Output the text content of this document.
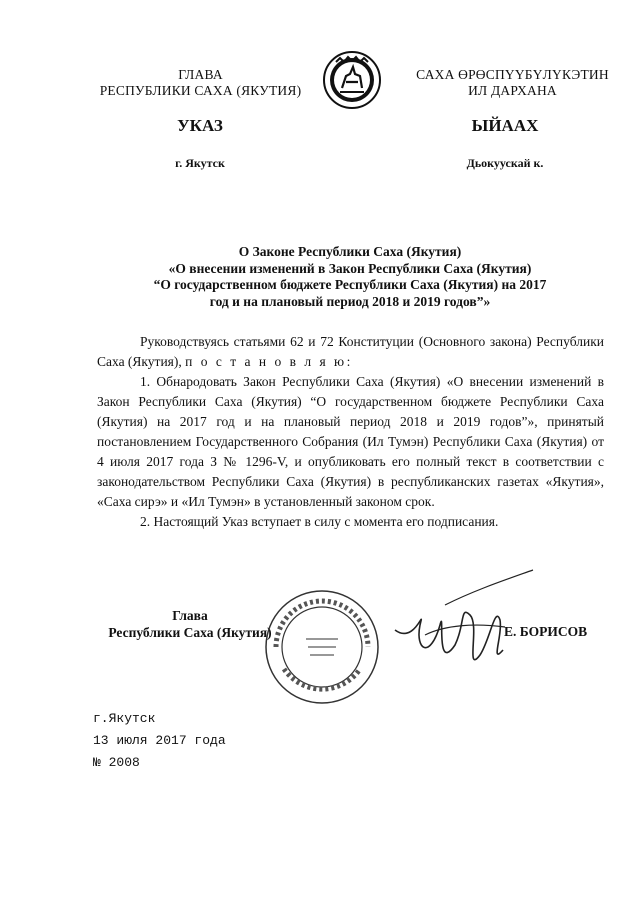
ГЛАВА
РЕСПУБЛИКИ САХА (ЯКУТИЯ)
САХА ӨРӨСПҮҮБҮЛҮКЭТИН
ИЛ ДАРХАНА
УКАЗ	ЫЙААХ
г. Якутск	Дьокуускай к.
О Законе Республики Саха (Якутия)
«О внесении изменений в Закон Республики Саха (Якутия)
“О государственном бюджете Республики Саха (Якутия) на 2017
год и на плановый период 2018 и 2019 годов”»

Руководствуясь статьями 62 и 72 Конституции (Основного закона) Республики Саха (Якутия), п о с т а н о в л я ю:

1. Обнародовать Закон Республики Саха (Якутия) «О внесении изменений в Закон Республики Саха (Якутия) “О государственном бюджете Республики Саха (Якутия) на 2017 год и на плановый период 2018 и 2019 годов”», принятый постановлением Государственного Собрания (Ил Тумэн) Республики Саха (Якутия) от 4 июля 2017 года З № 1296-V, и опубликовать его полный текст в соответствии с законодательством Республики Саха (Якутия) в республиканских газетах «Якутия», «Саха сирэ» и «Ил Тумэн» в установленный законом срок.

2. Настоящий Указ вступает в силу с момента его подписания.

Глава
Республики Саха (Якутия)	Е. БОРИСОВ
г.Якутск
13 июля 2017 года
№ 2008
